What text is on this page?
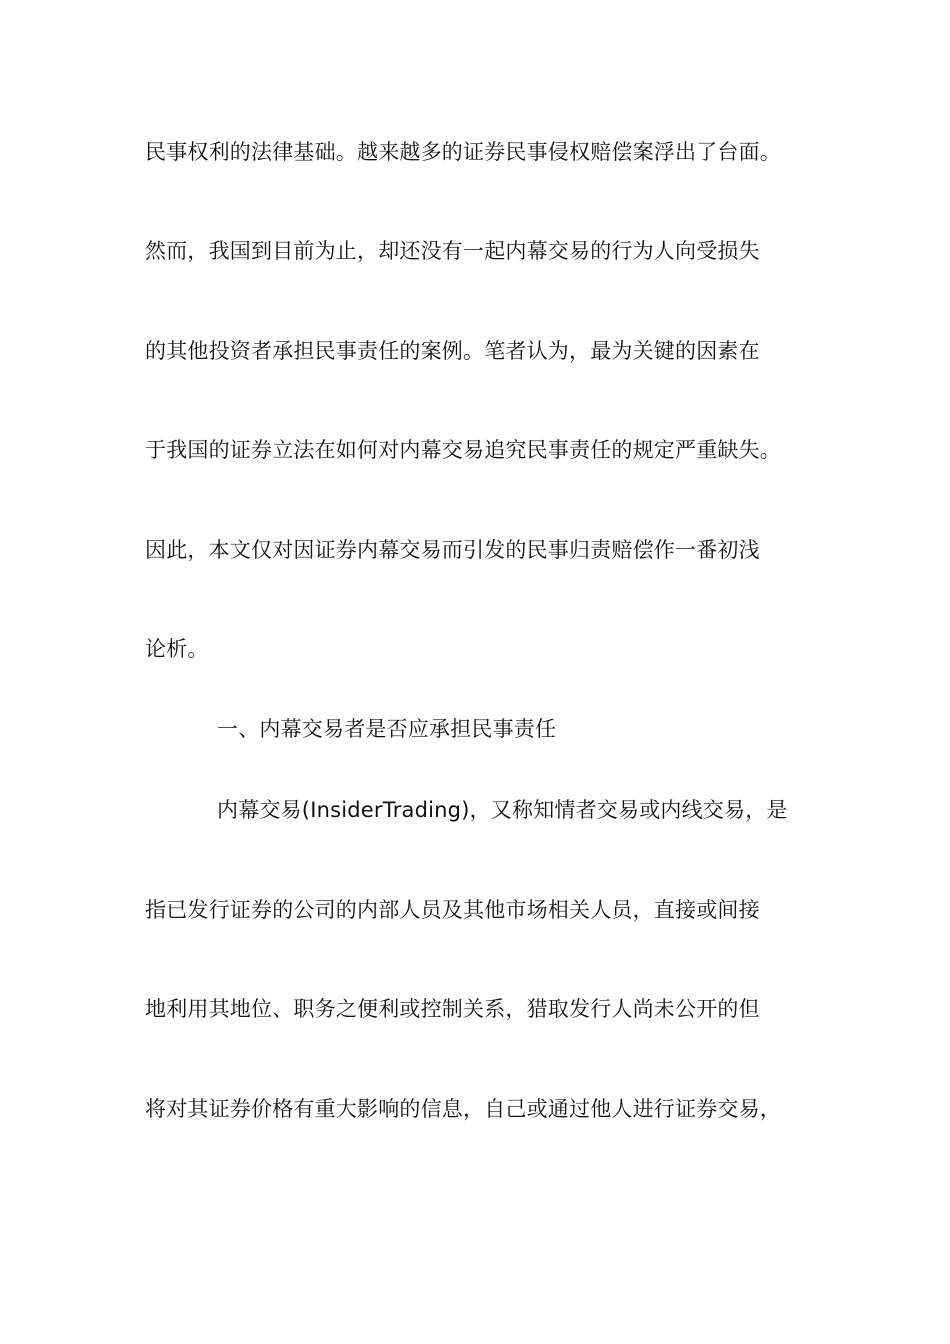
民事权利的法律基础。越来越多的证券民事侵权赔偿案浮出了台面。
然而，我国到目前为止，却还没有一起内幕交易的行为人向受损失
的其他投资者承担民事责任的案例。笔者认为，最为关键的因素在
于我国的证券立法在如何对内幕交易追究民事责任的规定严重缺失。
因此，本文仅对因证券内幕交易而引发的民事归责赔偿作一番初浅
论析。
一、内幕交易者是否应承担民事责任
内幕交易(InsiderTrading)，又称知情者交易或内线交易，是
指已发行证券的公司的内部人员及其他市场相关人员，直接或间接
地利用其地位、职务之便利或控制关系，猎取发行人尚未公开的但
将对其证券价格有重大影响的信息，自己或通过他人进行证券交易，
